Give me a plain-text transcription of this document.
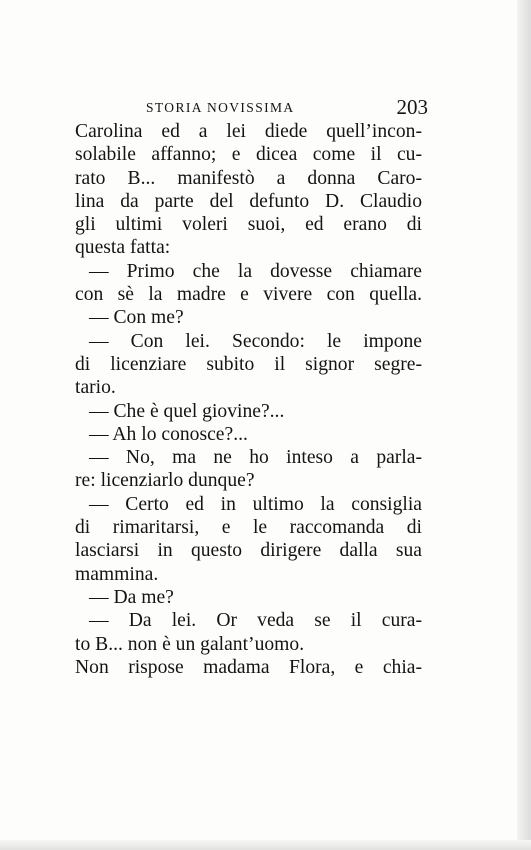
STORIA NOVISSIMA	203
Carolina ed a lei diede quell’incon-
solabile affanno; e dicea come il cu-
rato B... manifestò a donna Caro-
lina da parte del defunto D. Claudio
gli ultimi voleri suoi, ed erano di
questa fatta:
— Primo che la dovesse chiamare
con sè la madre e vivere con quella.
— Con me?
— Con lei. Secondo: le impone
di licenziare subito il signor segre-
tario.
— Che è quel giovine?...
— Ah lo conosce?...
— No, ma ne ho inteso a parla-
re: licenziarlo dunque?
— Certo ed in ultimo la consiglia
di rimaritarsi, e le raccomanda di
lasciarsi in questo dirigere dalla sua
mammina.
— Da me?
— Da lei. Or veda se il cura-
to B... non è un galant’uomo.
Non rispose madama Flora, e chia-
